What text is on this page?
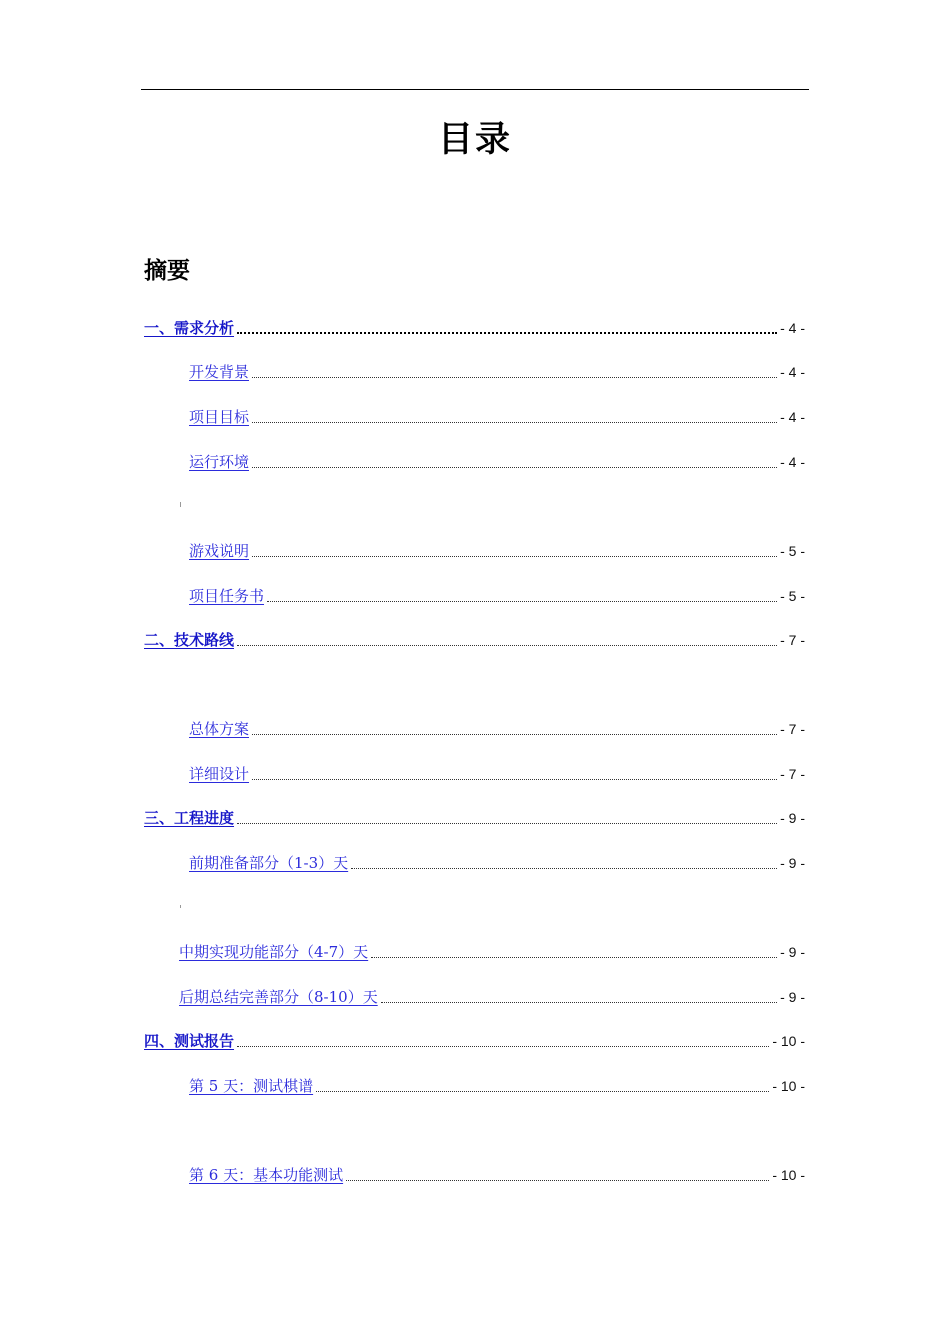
目录
摘要
一、需求分析	- 4 -
开发背景	- 4 -
项目目标	- 4 -
运行环境	- 4 -
游戏说明	- 5 -
项目任务书	- 5 -
二、技术路线	- 7 -
总体方案	- 7 -
详细设计	- 7 -
三、工程进度	- 9 -
前期准备部分（1-3）天	- 9 -
中期实现功能部分（4-7）天	- 9 -
后期总结完善部分（8-10）天	- 9 -
四、测试报告	- 10 -
第 5 天：测试棋谱	- 10 -
第 6 天：基本功能测试	- 10 -
